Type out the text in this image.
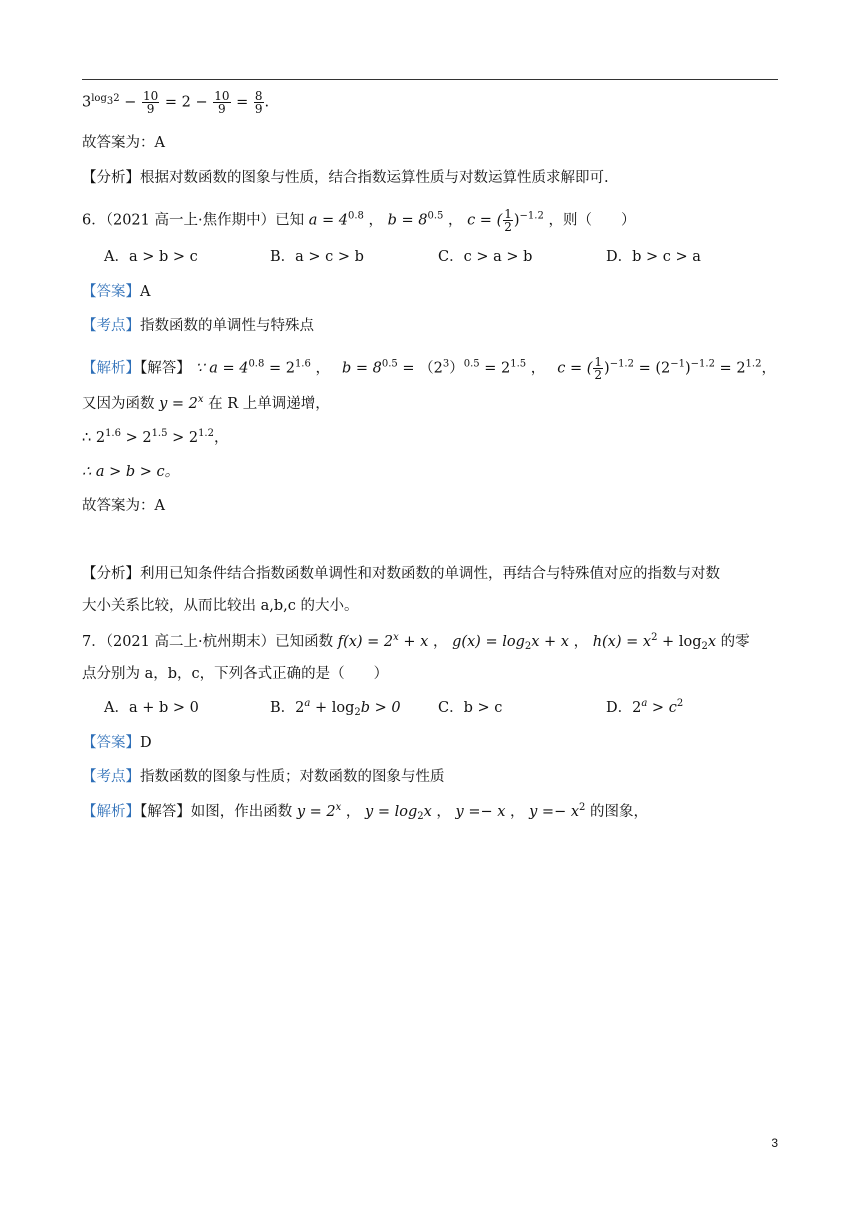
$3^{log_32} - \frac{10}{9} = 2 - \frac{10}{9} = \frac{8}{9}$ .
故答案为：A
【分析】根据对数函数的图象与性质，结合指数运算性质与对数运算性质求解即可.
6．（2021 高一上·焦作期中）已知 $a = 4^{0.8}$ ， $b = 8^{0.5}$ ， c = ( $\frac{1}{2} )^{-1.2}$ ，则（　　）
A．a > b > c	B．a > c > b	C．c > a > b	D．b > c > a
【答案】A
【考点】指数函数的单调性与特殊点
【解析】【解答】 ∵ $a = 4^{0.8} = 2^{1.6}$ ， $b = 8^{0.5} = (2^3)^{0.5} = 2^{1.5}$ ， c = ( $\frac{1}{2} )^{-1.2} = (2^{-1})^{-1.2} = 2^{1.2}$，
又因为函数 $y = 2^x$ 在 R 上单调递增，
∴ $2^{1.6} > 2^{1.5} > 2^{1.2}$，
∴ a > b > c。
故答案为：A
【分析】利用已知条件结合指数函数单调性和对数函数的单调性，再结合与特殊值对应的指数与对数
大小关系比较，从而比较出 a,b,c 的大小。
7．（2021 高二上·杭州期末）已知函数 $f(x) = 2^x + x$ ， $g(x) = \log_2x + x$ ， $h(x) = x^2 + \log_2x$ 的零
点分别为 a，b，c，下列各式正确的是（　　）
A．a + b > 0	B．$2^a + \log_2b > 0$	C．b > c	D．$2^a > c^2$
【答案】D
【考点】指数函数的图象与性质；对数函数的图象与性质
【解析】【解答】如图，作出函数 $y = 2^x$ ， $y = \log_2x$ ， y =− x ， $y =- x^2$ 的图象，
3
